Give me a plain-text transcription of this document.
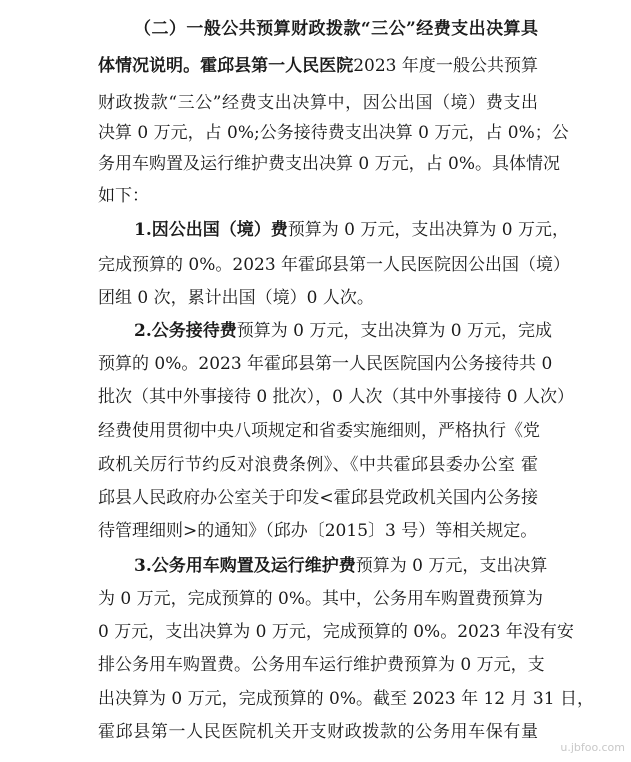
（二）一般公共预算财政拨款“三公”经费支出决算具
体情况说明。霍邱县第一人民医院2023 年度一般公共预算
财政拨款“三公”经费支出决算中，因公出国（境）费支出
决算 0 万元，占 0%;公务接待费支出决算 0 万元，占 0%；公
务用车购置及运行维护费支出决算 0 万元，占 0%。具体情况
如下：
1.因公出国（境）费预算为 0 万元，支出决算为 0 万元，
完成预算的 0%。2023 年霍邱县第一人民医院因公出国（境）
团组 0 次，累计出国（境）0 人次。
2.公务接待费预算为 0 万元，支出决算为 0 万元，完成
预算的 0%。2023 年霍邱县第一人民医院国内公务接待共 0
批次（其中外事接待 0 批次），0 人次（其中外事接待 0 人次）
经费使用贯彻中央八项规定和省委实施细则，严格执行《党
政机关厉行节约反对浪费条例》、《中共霍邱县委办公室 霍
邱县人民政府办公室关于印发<霍邱县党政机关国内公务接
待管理细则>的通知》（邱办〔2015〕3 号）等相关规定。
3.公务用车购置及运行维护费预算为 0 万元，支出决算
为 0 万元，完成预算的 0%。其中，公务用车购置费预算为
0 万元，支出决算为 0 万元，完成预算的 0%。2023 年没有安
排公务用车购置费。公务用车运行维护费预算为 0 万元，支
出决算为 0 万元，完成预算的 0%。截至 2023 年 12 月 31 日，
霍邱县第一人民医院机关开支财政拨款的公务用车保有量
u.jbfoo.com
